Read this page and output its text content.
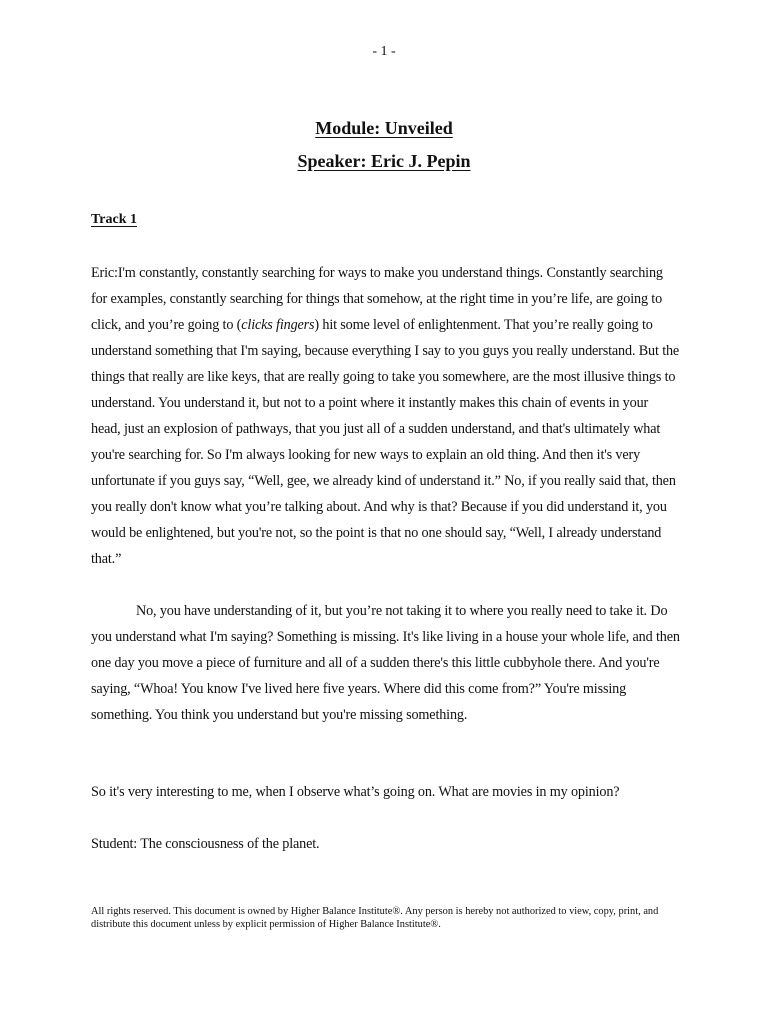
- 1 -
Module: Unveiled
Speaker: Eric J. Pepin
Track 1

Eric:I'm constantly, constantly searching for ways to make you understand things. Constantly searching for examples, constantly searching for things that somehow, at the right time in you’re life, are going to click, and you’re going to (clicks fingers) hit some level of enlightenment. That you’re really going to understand something that I'm saying, because everything I say to you guys you really understand. But the things that really are like keys, that are really going to take you somewhere, are the most illusive things to understand. You understand it, but not to a point where it instantly makes this chain of events in your head, just an explosion of pathways, that you just all of a sudden understand, and that's ultimately what you're searching for. So I'm always looking for new ways to explain an old thing. And then it's very unfortunate if you guys say, “Well, gee, we already kind of understand it.” No, if you really said that, then you really don't know what you’re talking about. And why is that? Because if you did understand it, you would be enlightened, but you're not, so the point is that no one should say, “Well, I already understand that.”

No, you have understanding of it, but you’re not taking it to where you really need to take it. Do you understand what I'm saying? Something is missing. It's like living in a house your whole life, and then one day you move a piece of furniture and all of a sudden there's this little cubbyhole there. And you're saying, “Whoa! You know I've lived here five years. Where did this come from?” You're missing something. You think you understand but you're missing something.

So it's very interesting to me, when I observe what’s going on. What are movies in my opinion?

Student: The consciousness of the planet.

All rights reserved. This document is owned by Higher Balance Institute®. Any person is hereby not authorized to view, copy, print, and distribute this document unless by explicit permission of Higher Balance Institute®.
